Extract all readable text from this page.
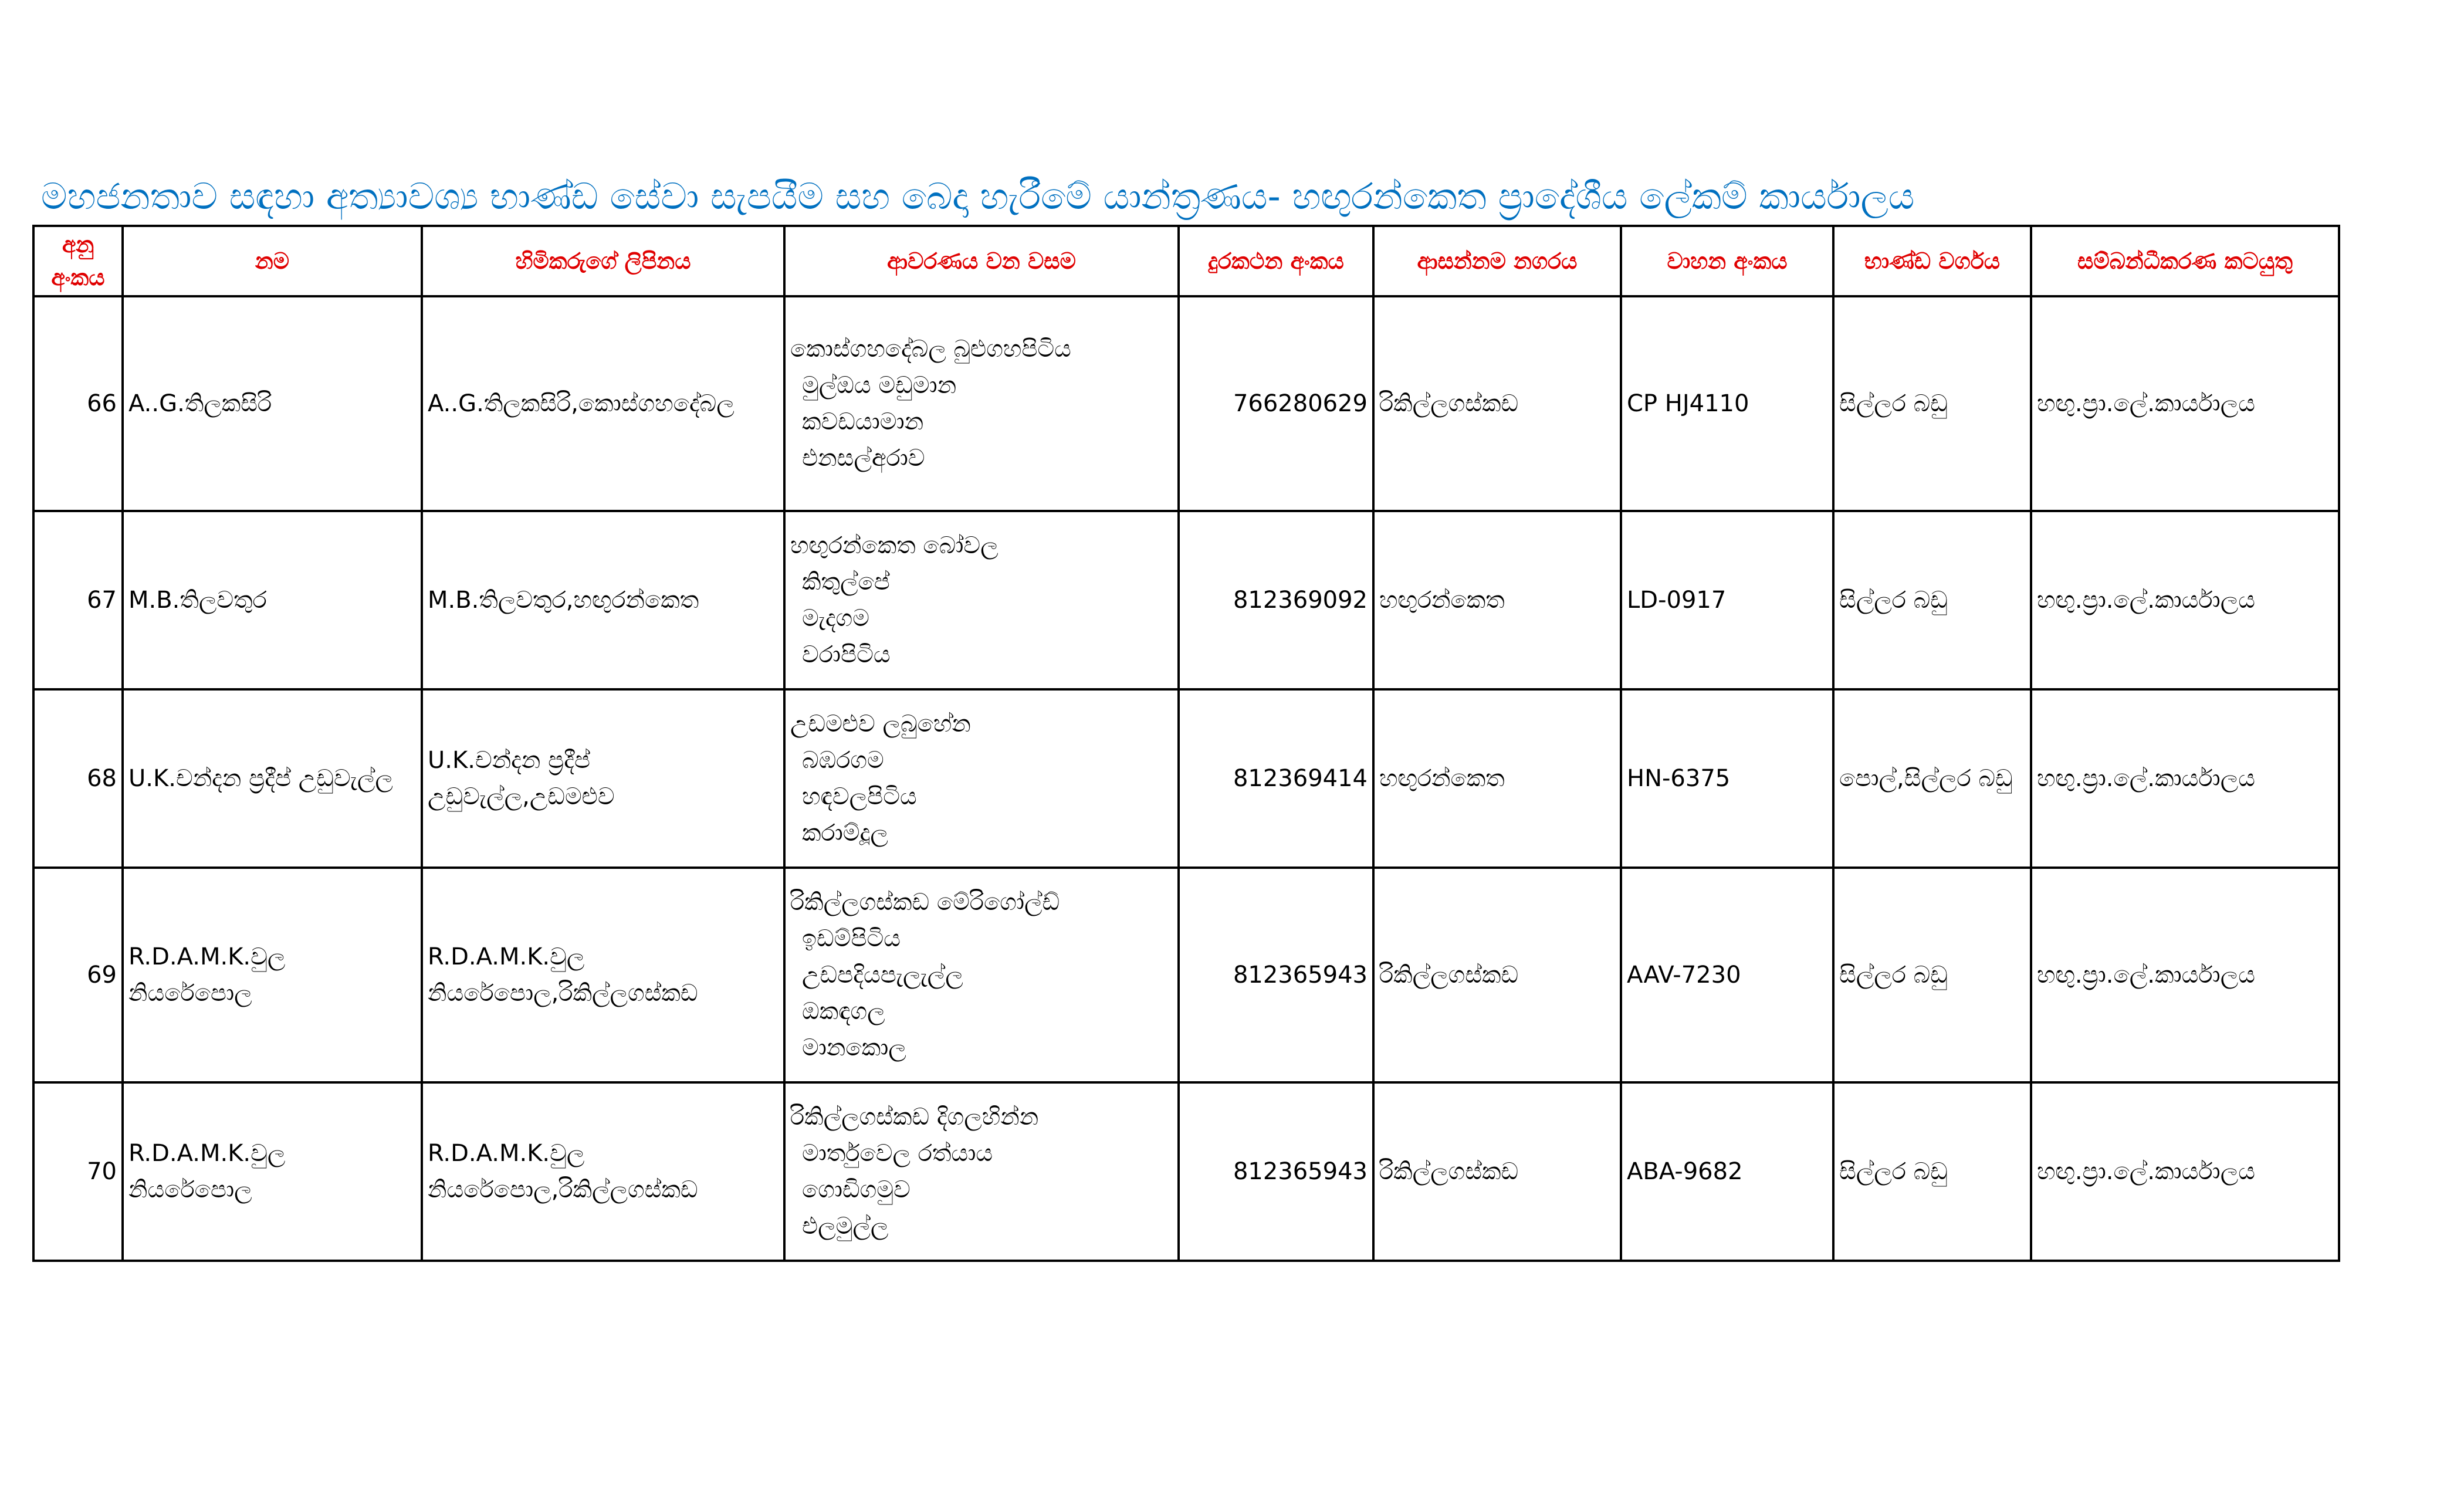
මහජනතාව සඳහා අත්‍යාවශ්‍ය භාණ්ඩ සේවා සැපයීම සහ බෙදා හැරීමේ යාන්ත්‍රණය- හඟුරන්කෙත ප්‍රාදේශීය ලේකම් කාර්යාලය
අනු
අංකය	නම	හිමිකරුගේ ලිපිනය	ආවරණය වන වසම	දුරකථන අංකය	ආසන්නම නගරය	වාහන අංකය	භාණ්ඩ වර්ගය	සම්බන්ධීකරණ කටයුතු
66	A..G.තිලකසිරි	A..G.තිලකසිරි,කොස්ගහදේබල	කොස්ගහදේබල බුළුගහපිටිය
මුල්ඔය මඩුමාන
කවඩයාමාන
එනසල්අරාව	766280629	රිකිල්ලගස්කඩ	CP HJ4110	සිල්ලර බඩු	හඟු.ප්‍රා.ලේ.කාර්යාලය
67	M.B.තිලවතුර	M.B.තිලවතුර,හඟුරන්කෙත	හඟුරන්කෙත බෝවල
කිතුල්පේ
මැදගම
වරාපිටිය	812369092	හඟුරන්කෙත	LD-0917	සිල්ලර බඩු	හඟු.ප්‍රා.ලේ.කාර්යාලය
68	U.K.චන්දන ප්‍රදීප් උඩුවැල්ල	U.K.චන්දන ප්‍රදීප්
උඩුවැල්ල,උඩමළුව	උඩමළුව ලබුහේන
බඹරගම
හඳවලපිටිය
කරාම්දූල	812369414	හඟුරන්කෙත	HN-6375	පොල්,සිල්ලර බඩු	හඟු.ප්‍රා.ලේ.කාර්යාලය
69	R.D.A.M.K.වුල
නියරේපොල	R.D.A.M.K.වුල
නියරේපොල,රිකිල්ලගස්කඩ	රිකිල්ලගස්කඩ මේරිගෝල්ඩ්
ඉඩම්පිටිය
උඩපදියපැලැල්ල
ඔකඳගල
මානකොල	812365943	රිකිල්ලගස්කඩ	AAV-7230	සිල්ලර බඩු	හඟු.ප්‍රා.ලේ.කාර්යාලය
70	R.D.A.M.K.වුල
නියරේපොල	R.D.A.M.K.වුල
නියරේපොල,රිකිල්ලගස්කඩ	රිකිල්ලගස්කඩ දිගලහින්න
මාර්තුවෙල රත්යාය
ගොඩිගමුව
එලමුල්ල	812365943	රිකිල්ලගස්කඩ	ABA-9682	සිල්ලර බඩු	හඟු.ප්‍රා.ලේ.කාර්යාලය
